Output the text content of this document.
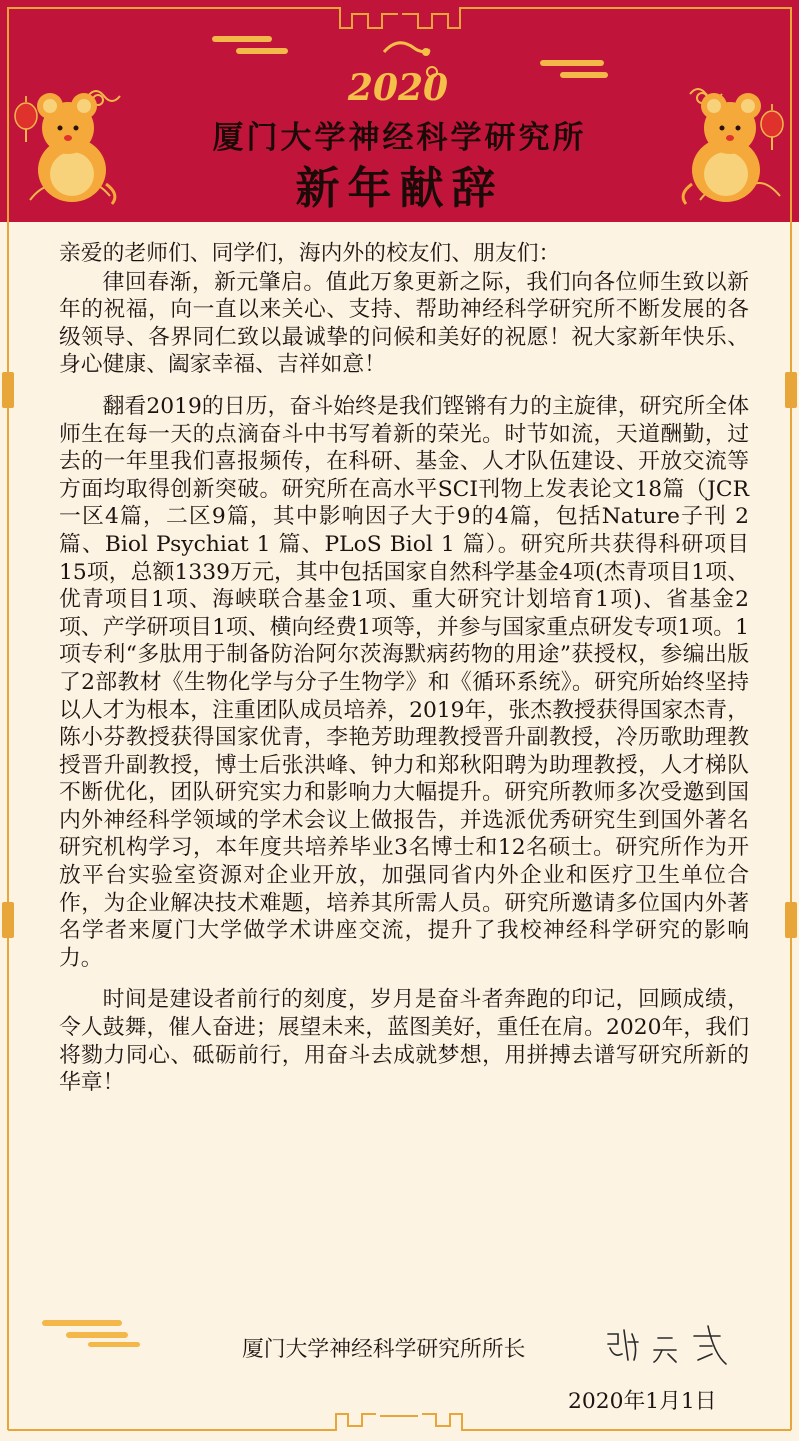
2020

厦门大学神经科学研究所

新年献辞

亲爱的老师们、同学们，海内外的校友们、朋友们：

律回春渐，新元肇启。值此万象更新之际，我们向各位师生致以新年的祝福，向一直以来关心、支持、帮助神经科学研究所不断发展的各级领导、各界同仁致以最诚挚的问候和美好的祝愿！祝大家新年快乐、身心健康、阖家幸福、吉祥如意！

翻看2019的日历，奋斗始终是我们铿锵有力的主旋律，研究所全体师生在每一天的点滴奋斗中书写着新的荣光。时节如流，天道酬勤，过去的一年里我们喜报频传，在科研、基金、人才队伍建设、开放交流等方面均取得创新突破。研究所在高水平SCI刊物上发表论文18篇（JCR一区4篇，二区9篇，其中影响因子大于9的4篇，包括Nature子刊 2篇、Biol Psychiat 1 篇、PLoS Biol 1 篇）。研究所共获得科研项目15项，总额1339万元，其中包括国家自然科学基金4项(杰青项目1项、优青项目1项、海峡联合基金1项、重大研究计划培育1项)、省基金2项、产学研项目1项、横向经费1项等，并参与国家重点研发专项1项。1项专利“多肽用于制备防治阿尔茨海默病药物的用途”获授权，参编出版了2部教材《生物化学与分子生物学》和《循环系统》。研究所始终坚持以人才为根本，注重团队成员培养，2019年，张杰教授获得国家杰青，陈小芬教授获得国家优青，李艳芳助理教授晋升副教授，冷历歌助理教授晋升副教授，博士后张洪峰、钟力和郑秋阳聘为助理教授，人才梯队不断优化，团队研究实力和影响力大幅提升。研究所教师多次受邀到国内外神经科学领域的学术会议上做报告，并选派优秀研究生到国外著名研究机构学习，本年度共培养毕业3名博士和12名硕士。研究所作为开放平台实验室资源对企业开放，加强同省内外企业和医疗卫生单位合作，为企业解决技术难题，培养其所需人员。研究所邀请多位国内外著名学者来厦门大学做学术讲座交流，提升了我校神经科学研究的影响力。

时间是建设者前行的刻度，岁月是奋斗者奔跑的印记，回顾成绩，令人鼓舞，催人奋进；展望未来，蓝图美好，重任在肩。2020年，我们将勠力同心、砥砺前行，用奋斗去成就梦想，用拼搏去谱写研究所新的华章！

厦门大学神经科学研究所所长
2020年1月1日
